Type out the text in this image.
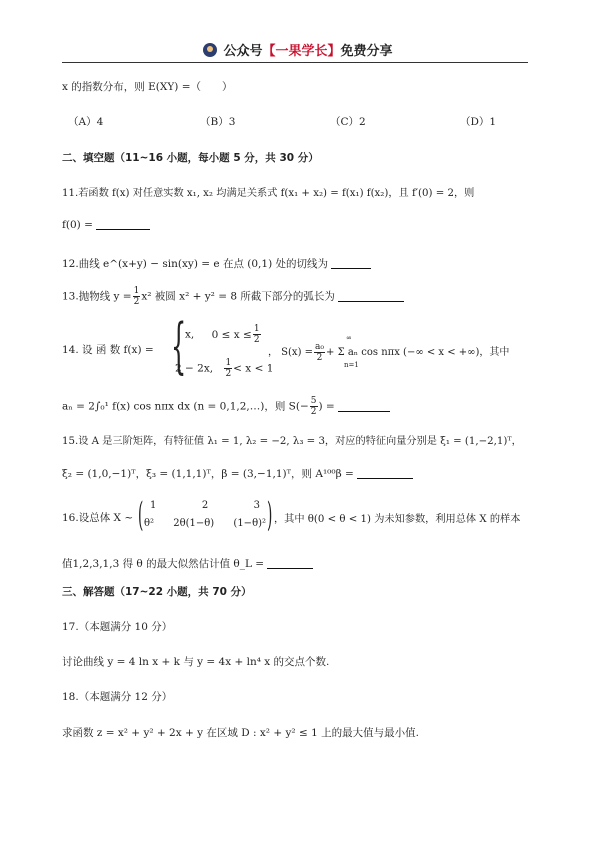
公众号【一果学长】免费分享
x 的指数分布，则 E(XY) =（　　）
（A）4	（B）3	（C）2	（D）1
二、填空题（11~16 小题，每小题 5 分，共 30 分）
11.若函数 f(x) 对任意实数 x₁, x₂ 均满足关系式 f(x₁ + x₂) = f(x₁) f(x₂)，且 f′(0) = 2，则
f(0) =
12.曲线 e^(x+y) − sin(xy) = e 在点 (0,1) 处的切线为
13.抛物线 $y = \frac{1}{2} x^2$ 被圆 x² + y² = 8 所截下部分的弧长为
14. 设 函 数 f(x) = {
x, $0 \le x \le \frac{1}{2}$
2 − 2x, $\frac{1}{2} < x < 1$
， $S(x) = \frac{\text{a₀}}{2} + \Sigma$ aₙ cos nπx (−∞ < x < +∞)，其中
∞
n=1
aₙ = 2∫₀¹ f(x) cos nπx dx (n = 0,1,2,…)，则 $S(- \frac{5}{2}$ ) =
15.设 A 是三阶矩阵，有特征值 λ₁ = 1, λ₂ = −2, λ₃ = 3，对应的特征向量分别是 ξ₁ = (1,−2,1)ᵀ，
ξ₂ = (1,0,−1)ᵀ，ξ₃ = (1,1,1)ᵀ，β = (3,−1,1)ᵀ，则 A¹⁰⁰β =
16.设总体 X ~ ( 1	2	3
θ² 2θ(1−θ) (1−θ)² ) ，其中 θ(0 < θ < 1) 为未知参数，利用总体 X 的样本
值1,2,3,1,3 得 θ 的最大似然估计值 θ_L =
三、解答题（17~22 小题，共 70 分）
17.（本题满分 10 分）
讨论曲线 y = 4 ln x + k 与 y = 4x + ln⁴ x 的交点个数.
18.（本题满分 12 分）
求函数 z = x² + y² + 2x + y 在区域 D : x² + y² ≤ 1 上的最大值与最小值.
